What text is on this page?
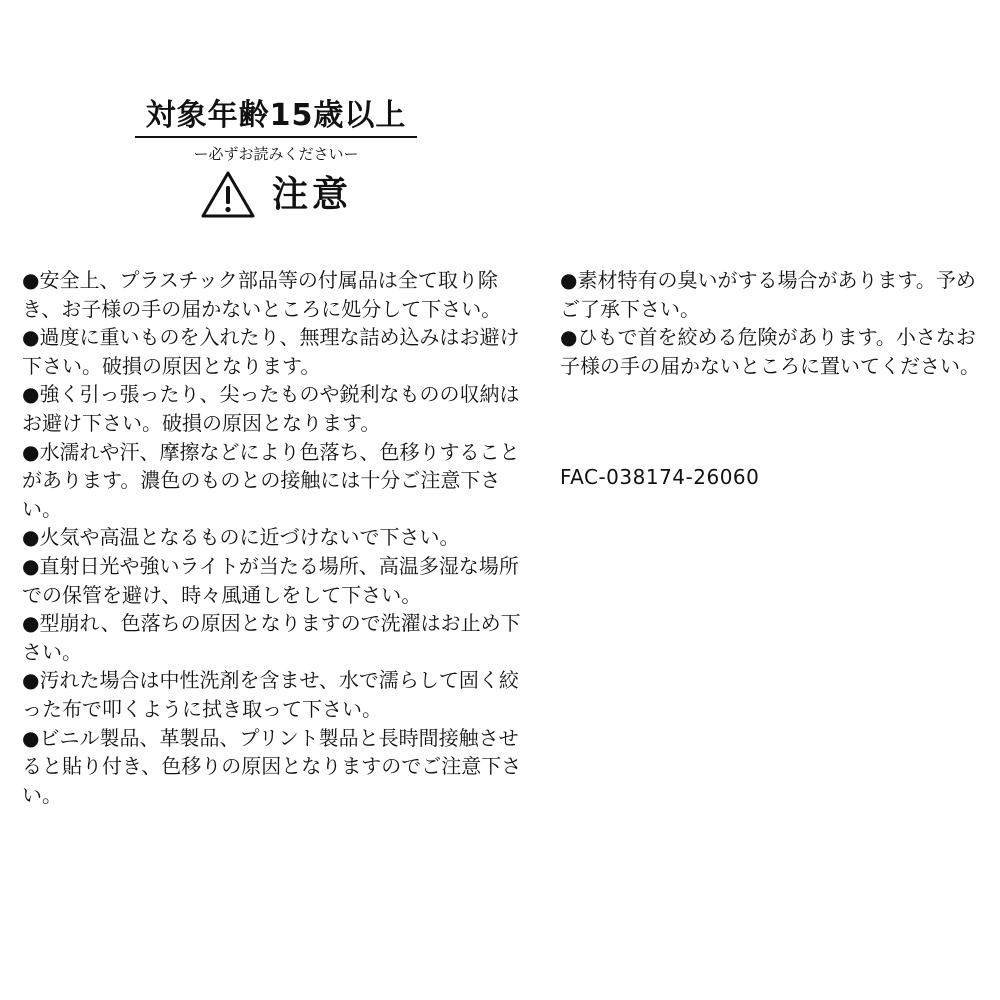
対象年齢15歳以上
ー必ずお読みくださいー
注意

●安全上、プラスチック部品等の付属品は全て取り除き、お子様の手の届かないところに処分して下さい。

●過度に重いものを入れたり、無理な詰め込みはお避け下さい。破損の原因となります。

●強く引っ張ったり、尖ったものや鋭利なものの収納はお避け下さい。破損の原因となります。

●水濡れや汗、摩擦などにより色落ち、色移りすることがあります。濃色のものとの接触には十分ご注意下さい。

●火気や高温となるものに近づけないで下さい。

●直射日光や強いライトが当たる場所、高温多湿な場所での保管を避け、時々風通しをして下さい。

●型崩れ、色落ちの原因となりますので洗濯はお止め下さい。

●汚れた場合は中性洗剤を含ませ、水で濡らして固く絞った布で叩くように拭き取って下さい。

●ビニル製品、革製品、プリント製品と長時間接触させると貼り付き、色移りの原因となりますのでご注意下さい。

●素材特有の臭いがする場合があります。予めご了承下さい。

●ひもで首を絞める危険があります。小さなお子様の手の届かないところに置いてください。

FAC-038174-26060
